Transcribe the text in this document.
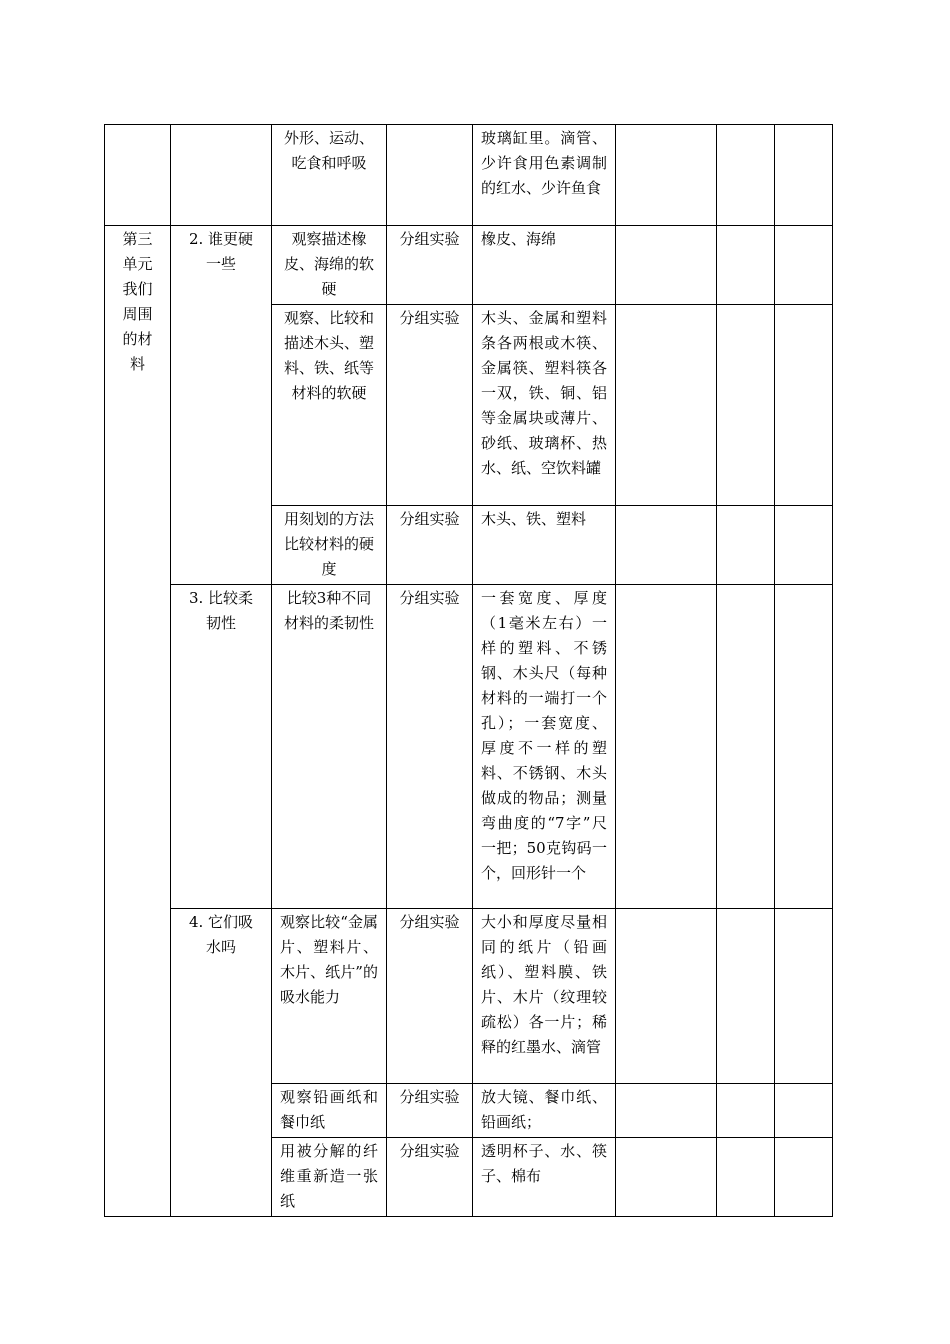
		外形、运动、吃食和呼吸		玻璃缸里。滴管、少许食用色素调制的红水、少许鱼食			
第三单元我们周围的材料	2. 谁更硬一些	观察描述橡皮、海绵的软硬	分组实验	橡皮、海绵			
		观察、比较和描述木头、塑料、铁、纸等材料的软硬	分组实验	木头、金属和塑料条各两根或木筷、金属筷、塑料筷各一双，铁、铜、铝等金属块或薄片、砂纸、玻璃杯、热水、纸、空饮料罐			
		用刻划的方法比较材料的硬度	分组实验	木头、铁、塑料			
	3. 比较柔韧性	比较3种不同材料的柔韧性	分组实验	一套宽度、厚度（1毫米左右）一样的塑料、不锈钢、木头尺（每种材料的一端打一个孔）；一套宽度、厚度不一样的塑料、不锈钢、木头做成的物品；测量弯曲度的“7字”尺一把；50克钩码一个，回形针一个			
	4. 它们吸水吗	观察比较“金属片、塑料片、木片、纸片”的吸水能力	分组实验	大小和厚度尽量相同的纸片（铅画纸）、塑料膜、铁片、木片（纹理较疏松）各一片；稀释的红墨水、滴管			
		观察铅画纸和餐巾纸	分组实验	放大镜、餐巾纸、铅画纸；			
		用被分解的纤维重新造一张纸	分组实验	透明杯子、水、筷子、棉布			
